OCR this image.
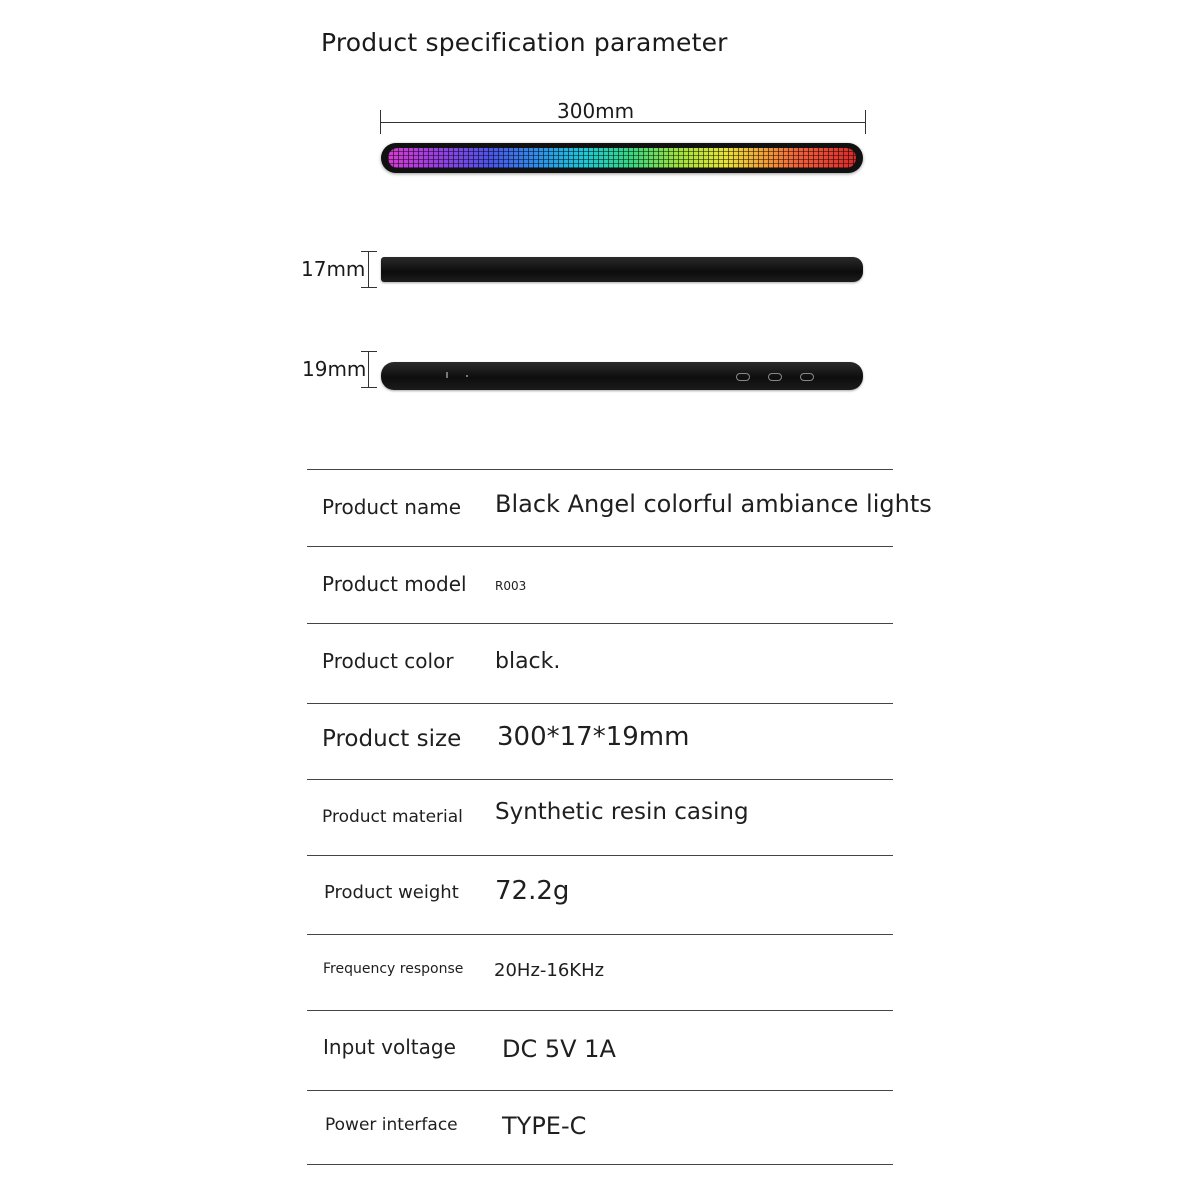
Product specification parameter
300mm
17mm
19mm
Product name Black Angel colorful ambiance lights
Product model R003
Product color black.
Product size 300*17*19mm
Product material Synthetic resin casing
Product weight 72.2g
Frequency response 20Hz-16KHz
Input voltage DC 5V 1A
Power interface TYPE-C
